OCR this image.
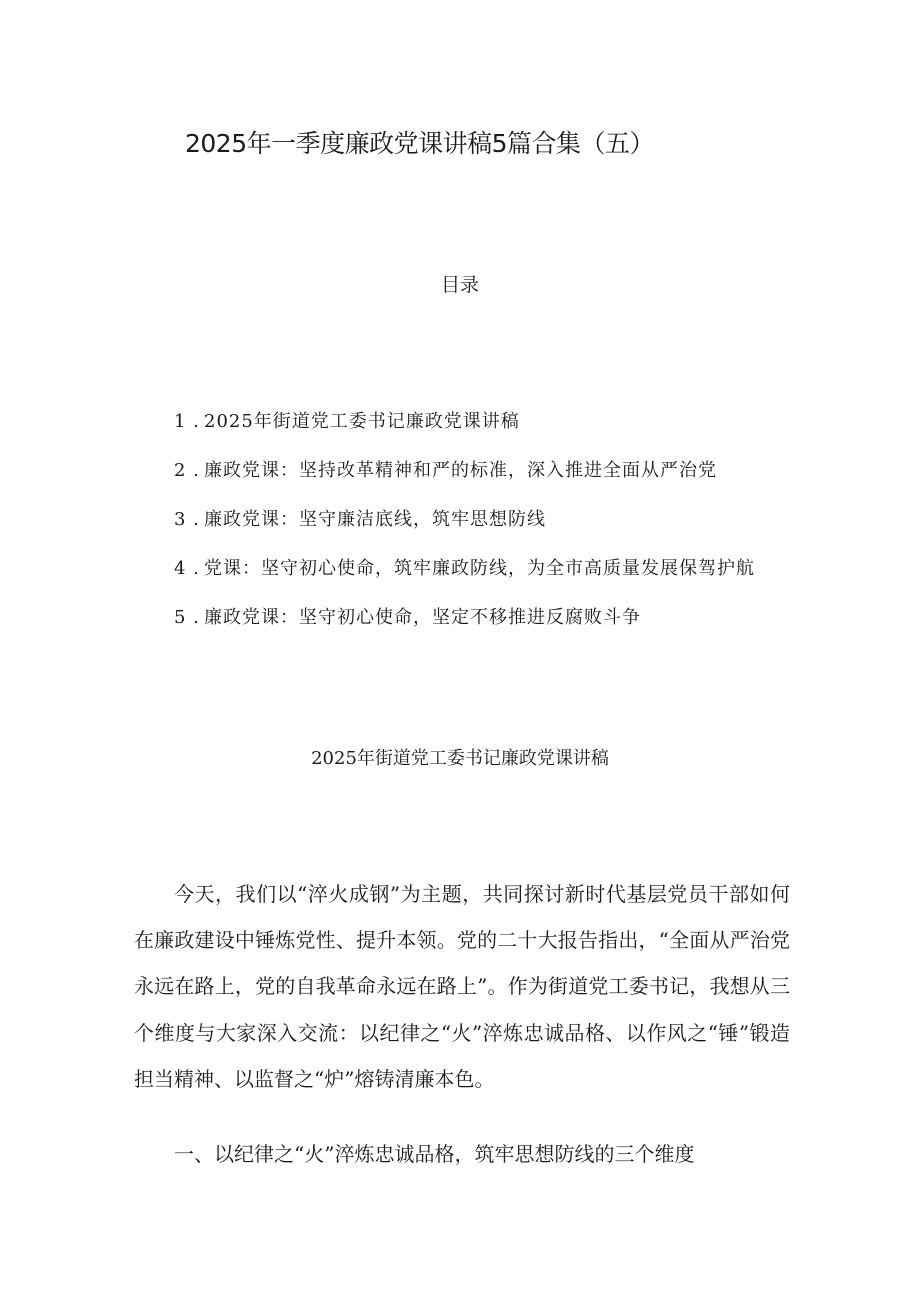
2025年一季度廉政党课讲稿5篇合集（五）
目录
1 . 2025年街道党工委书记廉政党课讲稿
2 . 廉政党课：坚持改革精神和严的标准，深入推进全面从严治党
3 . 廉政党课：坚守廉洁底线，筑牢思想防线
4 . 党课：坚守初心使命，筑牢廉政防线，为全市高质量发展保驾护航
5 . 廉政党课：坚守初心使命，坚定不移推进反腐败斗争
2025年街道党工委书记廉政党课讲稿

今天，我们以“淬火成钢”为主题，共同探讨新时代基层党员干部如何在廉政建设中锤炼党性、提升本领。党的二十大报告指出，“全面从严治党永远在路上，党的自我革命永远在路上”。作为街道党工委书记，我想从三个维度与大家深入交流：以纪律之“火”淬炼忠诚品格、以作风之“锤”锻造担当精神、以监督之“炉”熔铸清廉本色。

一、以纪律之“火”淬炼忠诚品格，筑牢思想防线的三个维度
